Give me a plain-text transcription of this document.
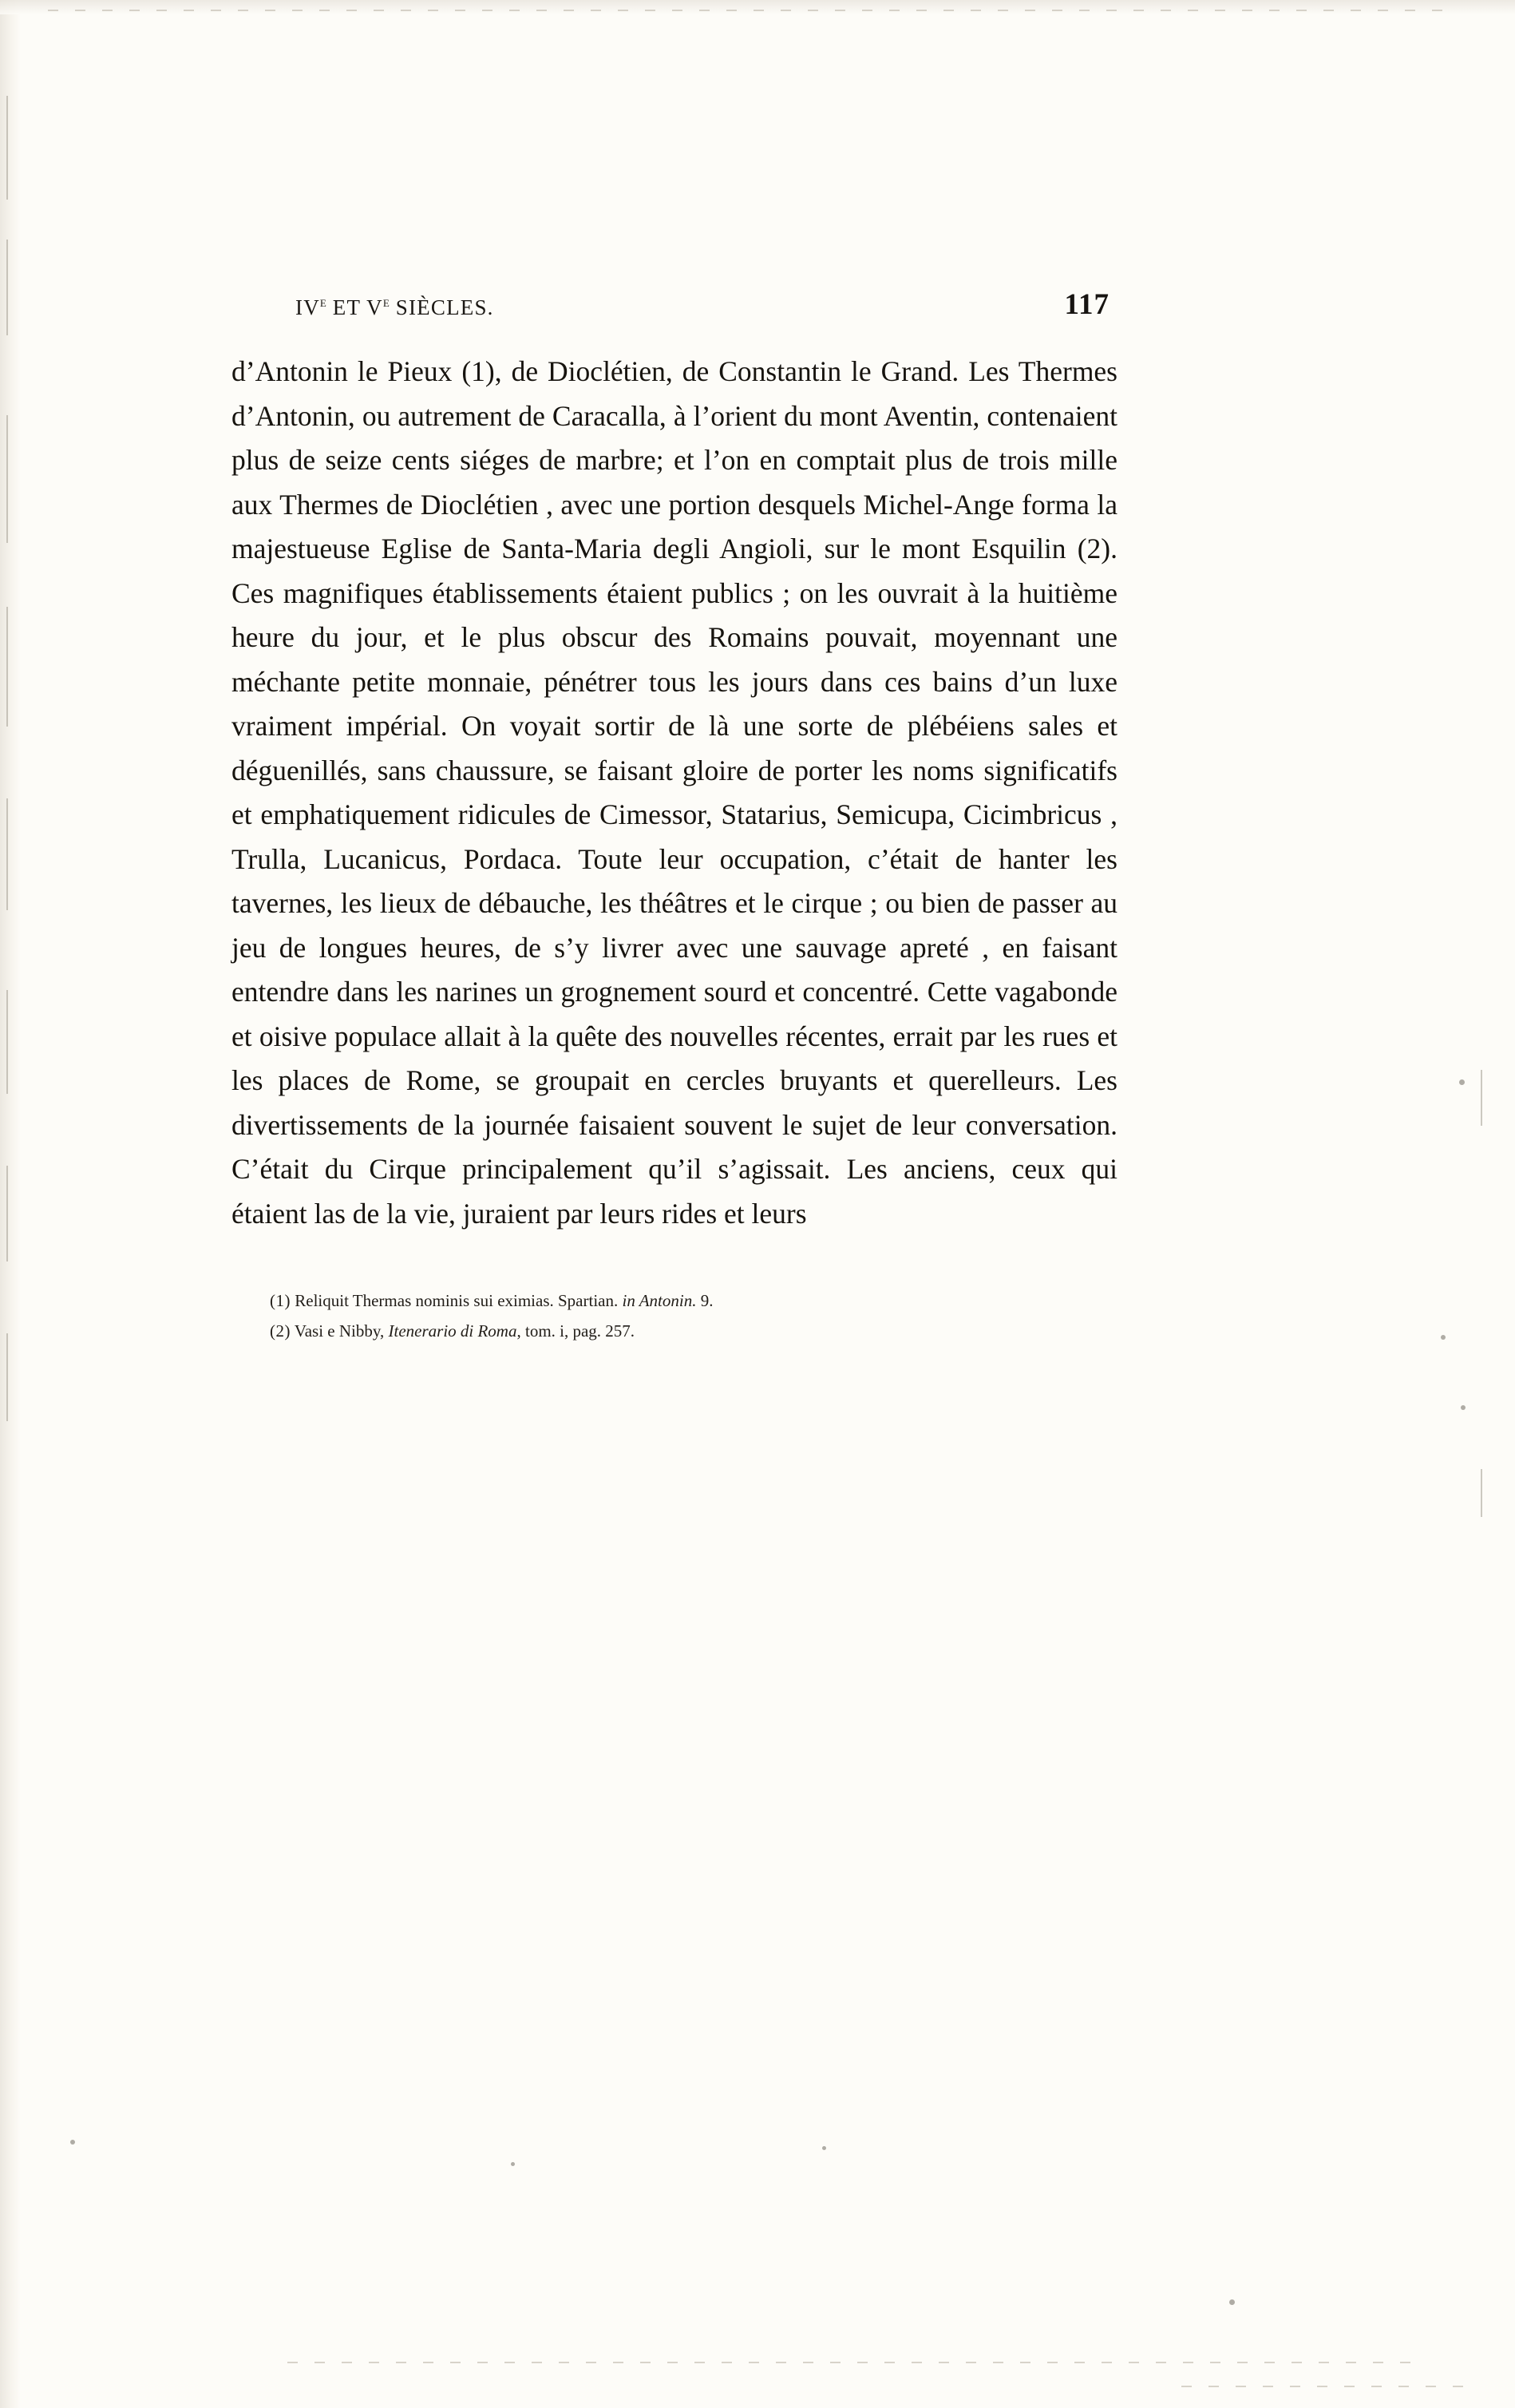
IVe ET Ve SIÈCLES.	117

d’Antonin le Pieux (1), de Dioclétien, de Constantin le Grand. Les Thermes d’Antonin, ou autrement de Caracalla, à l’orient du mont Aventin, contenaient plus de seize cents siéges de marbre; et l’on en comptait plus de trois mille aux Thermes de Dioclétien , avec une portion desquels Michel-Ange forma la majestueuse Eglise de Santa-Maria degli Angioli, sur le mont Esquilin (2). Ces magnifiques établissements étaient publics ; on les ouvrait à la huitième heure du jour, et le plus obscur des Romains pouvait, moyennant une méchante petite monnaie, pénétrer tous les jours dans ces bains d’un luxe vraiment impérial. On voyait sortir de là une sorte de plébéiens sales et déguenillés, sans chaussure, se faisant gloire de porter les noms significatifs et emphatiquement ridicules de Cimessor, Statarius, Semicupa, Cicimbricus , Trulla, Lucanicus, Pordaca. Toute leur occupation, c’était de hanter les tavernes, les lieux de débauche, les théâtres et le cirque ; ou bien de passer au jeu de longues heures, de s’y livrer avec une sauvage apreté , en faisant entendre dans les narines un grognement sourd et concentré. Cette vagabonde et oisive populace allait à la quête des nouvelles récentes, errait par les rues et les places de Rome, se groupait en cercles bruyants et querelleurs. Les divertissements de la journée faisaient souvent le sujet de leur conversation. C’était du Cirque principalement qu’il s’agissait. Les anciens, ceux qui étaient las de la vie, juraient par leurs rides et leurs

(1) Reliquit Thermas nominis sui eximias. Spartian. in Antonin. 9.
(2) Vasi e Nibby, Itenerario di Roma, tom. i, pag. 257.
